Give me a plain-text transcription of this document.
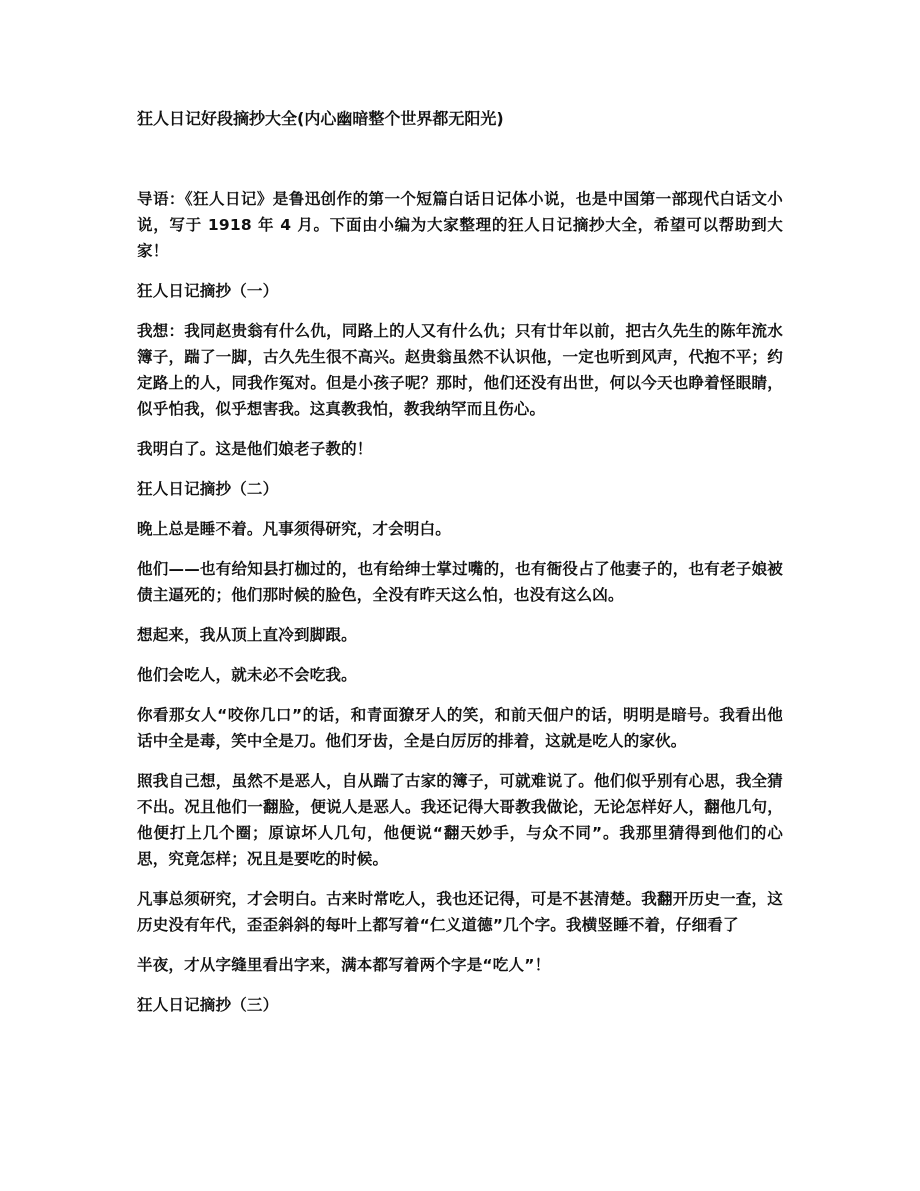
狂人日记好段摘抄大全(内心幽暗整个世界都无阳光)

导语：《狂人日记》是鲁迅创作的第一个短篇白话日记体小说，也是中国第一部现代白话文小说，写于 1918 年 4 月。下面由小编为大家整理的狂人日记摘抄大全，希望可以帮助到大家！

狂人日记摘抄（一）

我想：我同赵贵翁有什么仇，同路上的人又有什么仇；只有廿年以前，把古久先生的陈年流水簿子，踹了一脚，古久先生很不高兴。赵贵翁虽然不认识他，一定也听到风声，代抱不平；约定路上的人，同我作冤对。但是小孩子呢？那时，他们还没有出世，何以今天也睁着怪眼睛，似乎怕我，似乎想害我。这真教我怕，教我纳罕而且伤心。

我明白了。这是他们娘老子教的！

狂人日记摘抄（二）

晚上总是睡不着。凡事须得研究，才会明白。

他们——也有给知县打枷过的，也有给绅士掌过嘴的，也有衙役占了他妻子的，也有老子娘被债主逼死的；他们那时候的脸色，全没有昨天这么怕，也没有这么凶。

想起来，我从顶上直冷到脚跟。

他们会吃人，就未必不会吃我。

你看那女人“咬你几口”的话，和青面獠牙人的笑，和前天佃户的话，明明是暗号。我看出他话中全是毒，笑中全是刀。他们牙齿，全是白厉厉的排着，这就是吃人的家伙。

照我自己想，虽然不是恶人，自从踹了古家的簿子，可就难说了。他们似乎别有心思，我全猜不出。况且他们一翻脸，便说人是恶人。我还记得大哥教我做论，无论怎样好人，翻他几句，他便打上几个圈；原谅坏人几句，他便说“翻天妙手，与众不同”。我那里猜得到他们的心思，究竟怎样；况且是要吃的时候。

凡事总须研究，才会明白。古来时常吃人，我也还记得，可是不甚清楚。我翻开历史一查，这历史没有年代，歪歪斜斜的每叶上都写着“仁义道德”几个字。我横竖睡不着，仔细看了

半夜，才从字缝里看出字来，满本都写着两个字是“吃人”！

狂人日记摘抄（三）
